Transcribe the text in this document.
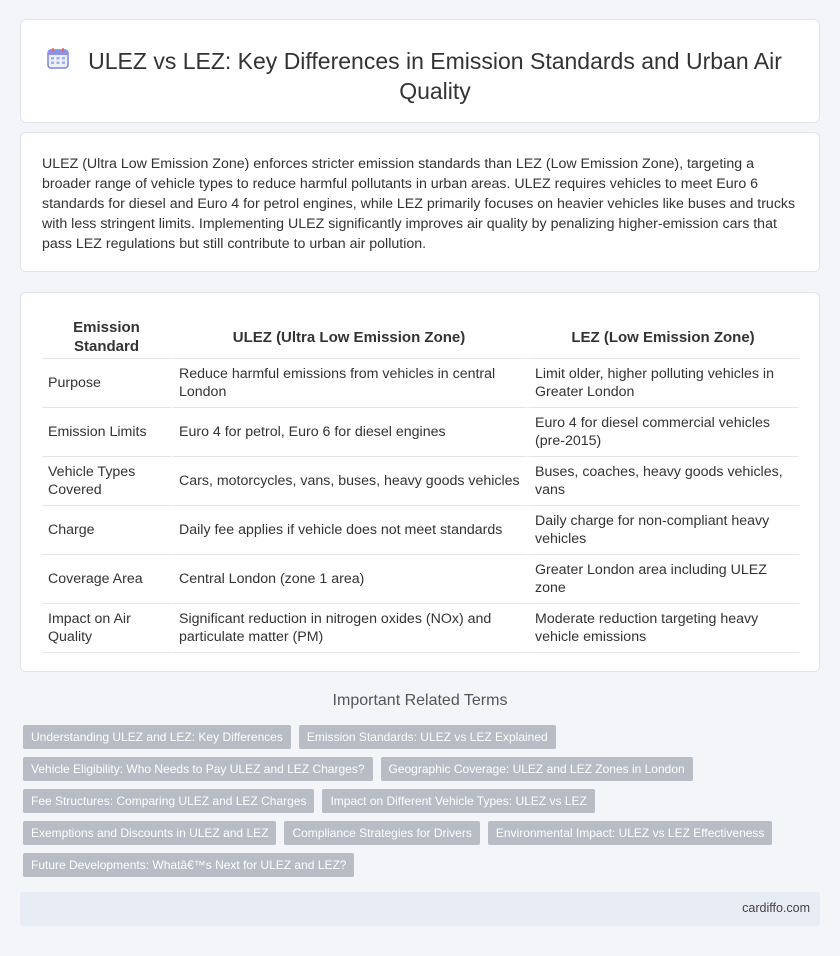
ULEZ vs LEZ: Key Differences in Emission Standards and Urban Air Quality

ULEZ (Ultra Low Emission Zone) enforces stricter emission standards than LEZ (Low Emission Zone), targeting a broader range of vehicle types to reduce harmful pollutants in urban areas. ULEZ requires vehicles to meet Euro 6 standards for diesel and Euro 4 for petrol engines, while LEZ primarily focuses on heavier vehicles like buses and trucks with less stringent limits. Implementing ULEZ significantly improves air quality by penalizing higher-emission cars that pass LEZ regulations but still contribute to urban air pollution.

Emission Standard	ULEZ (Ultra Low Emission Zone)	LEZ (Low Emission Zone)
Purpose	Reduce harmful emissions from vehicles in central London	Limit older, higher polluting vehicles in Greater London
Emission Limits	Euro 4 for petrol, Euro 6 for diesel engines	Euro 4 for diesel commercial vehicles (pre-2015)
Vehicle Types Covered	Cars, motorcycles, vans, buses, heavy goods vehicles	Buses, coaches, heavy goods vehicles, vans
Charge	Daily fee applies if vehicle does not meet standards	Daily charge for non-compliant heavy vehicles
Coverage Area	Central London (zone 1 area)	Greater London area including ULEZ zone
Impact on Air Quality	Significant reduction in nitrogen oxides (NOx) and particulate matter (PM)	Moderate reduction targeting heavy vehicle emissions
Important Related Terms
Understanding ULEZ and LEZ: Key Differences	Emission Standards: ULEZ vs LEZ Explained
Vehicle Eligibility: Who Needs to Pay ULEZ and LEZ Charges?	Geographic Coverage: ULEZ and LEZ Zones in London
Fee Structures: Comparing ULEZ and LEZ Charges	Impact on Different Vehicle Types: ULEZ vs LEZ
Exemptions and Discounts in ULEZ and LEZ	Compliance Strategies for Drivers	Environmental Impact: ULEZ vs LEZ Effectiveness
Future Developments: Whatâ€™s Next for ULEZ and LEZ?
cardiffo.com
